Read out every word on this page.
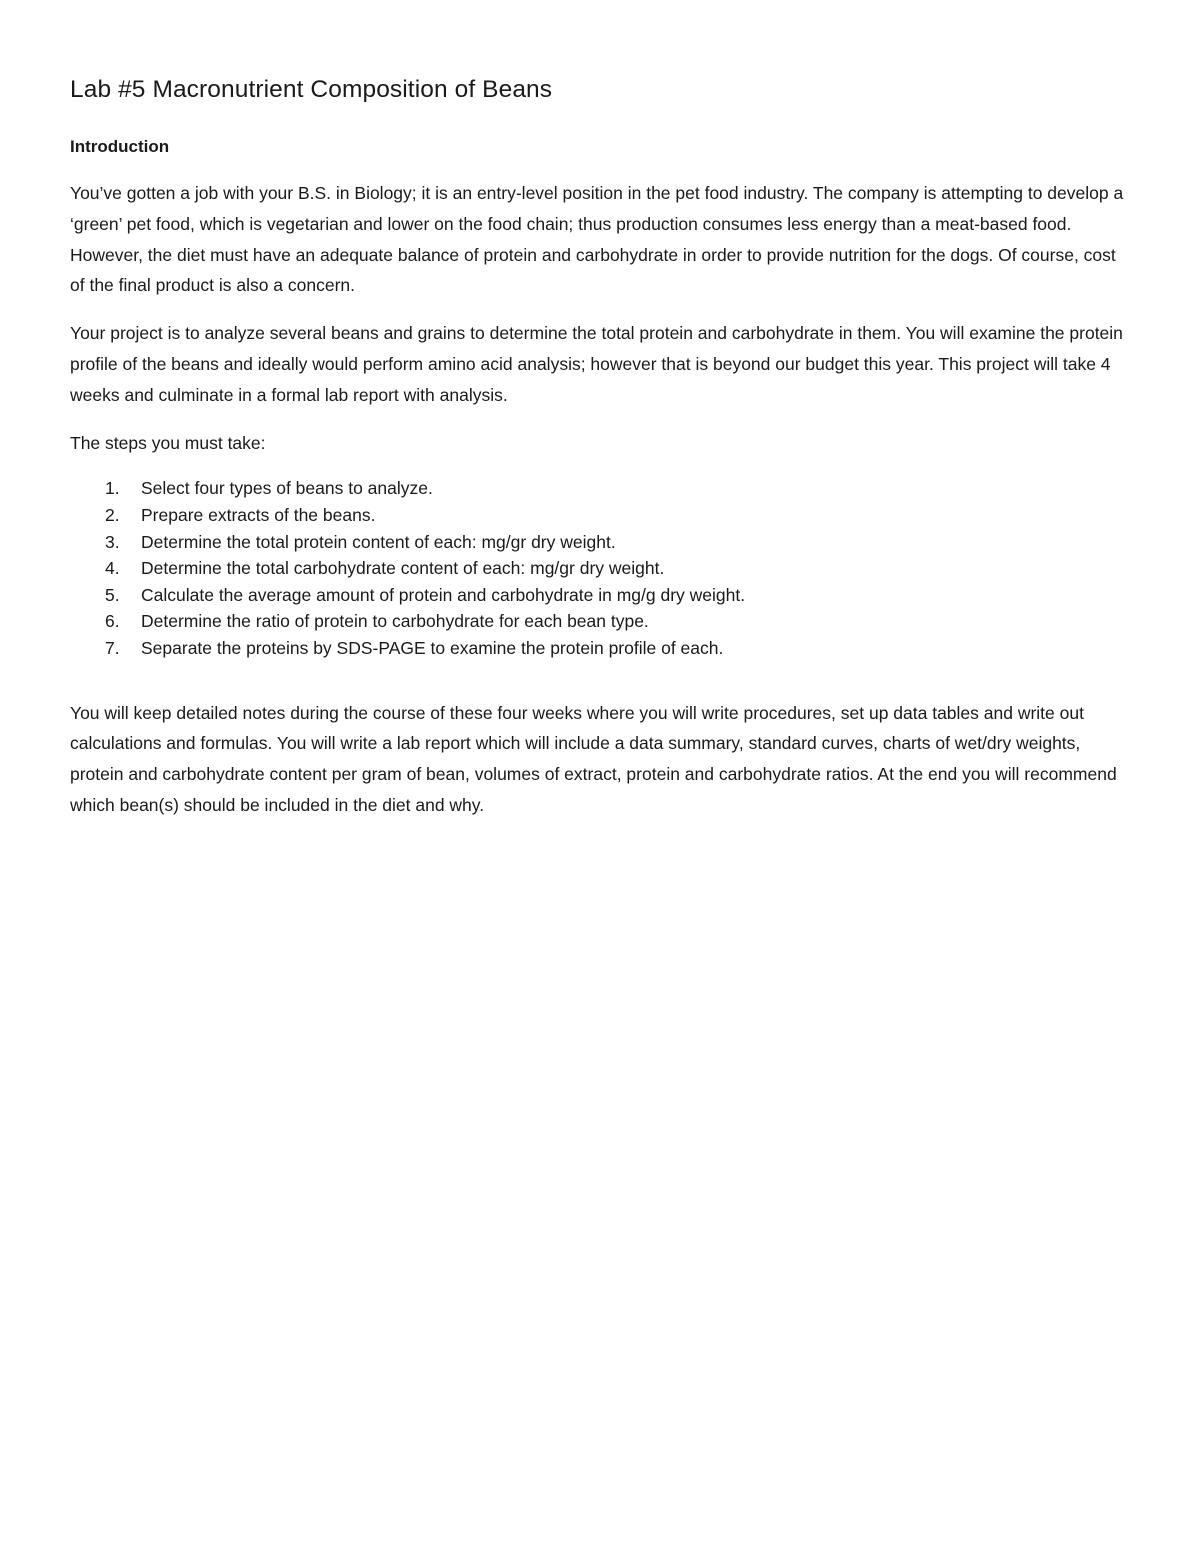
Lab #5 Macronutrient Composition of Beans
Introduction

You’ve gotten a job with your B.S. in Biology; it is an entry-level position in the pet food industry. The company is attempting to develop a ‘green’ pet food, which is vegetarian and lower on the food chain; thus production consumes less energy than a meat-based food. However, the diet must have an adequate balance of protein and carbohydrate in order to provide nutrition for the dogs. Of course, cost of the final product is also a concern.

Your project is to analyze several beans and grains to determine the total protein and carbohydrate in them. You will examine the protein profile of the beans and ideally would perform amino acid analysis; however that is beyond our budget this year. This project will take 4 weeks and culminate in a formal lab report with analysis.

The steps you must take:

1.	Select four types of beans to analyze.
2.	Prepare extracts of the beans.
3.	Determine the total protein content of each: mg/gr dry weight.
4.	Determine the total carbohydrate content of each: mg/gr dry weight.
5.	Calculate the average amount of protein and carbohydrate in mg/g dry weight.
6.	Determine the ratio of protein to carbohydrate for each bean type.
7.	Separate the proteins by SDS-PAGE to examine the protein profile of each.

You will keep detailed notes during the course of these four weeks where you will write procedures, set up data tables and write out calculations and formulas. You will write a lab report which will include a data summary, standard curves, charts of wet/dry weights, protein and carbohydrate content per gram of bean, volumes of extract, protein and carbohydrate ratios. At the end you will recommend which bean(s) should be included in the diet and why.
